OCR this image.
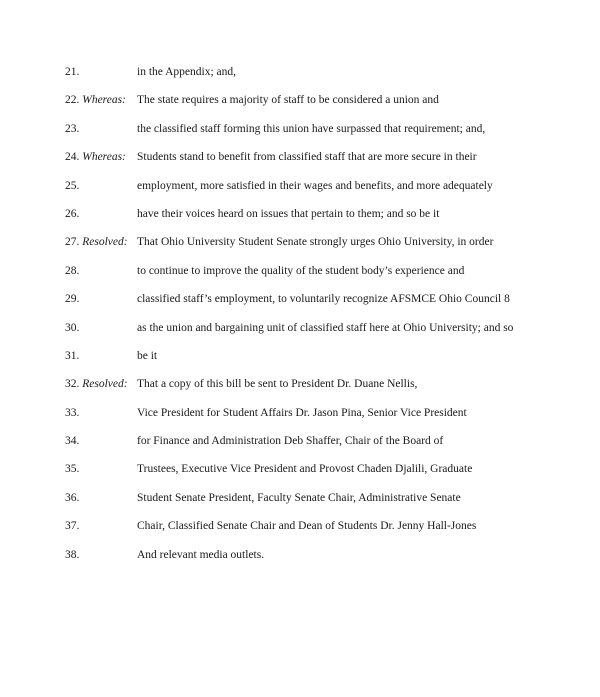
21.	in the Appendix; and,
22. Whereas: The state requires a majority of staff to be considered a union and
23.	the classified staff forming this union have surpassed that requirement; and,
24. Whereas: Students stand to benefit from classified staff that are more secure in their
25.	employment, more satisfied in their wages and benefits, and more adequately
26.	have their voices heard on issues that pertain to them; and so be it
27. Resolved: That Ohio University Student Senate strongly urges Ohio University, in order
28.	to continue to improve the quality of the student body’s experience and
29.	classified staff’s employment, to voluntarily recognize AFSMCE Ohio Council 8
30.	as the union and bargaining unit of classified staff here at Ohio University; and so
31.	be it
32. Resolved: That a copy of this bill be sent to President Dr. Duane Nellis,
33.	Vice President for Student Affairs Dr. Jason Pina, Senior Vice President
34.	for Finance and Administration Deb Shaffer, Chair of the Board of
35.	Trustees, Executive Vice President and Provost Chaden Djalili, Graduate
36.	Student Senate President, Faculty Senate Chair, Administrative Senate
37.	Chair, Classified Senate Chair and Dean of Students Dr. Jenny Hall-Jones
38.	And relevant media outlets.
